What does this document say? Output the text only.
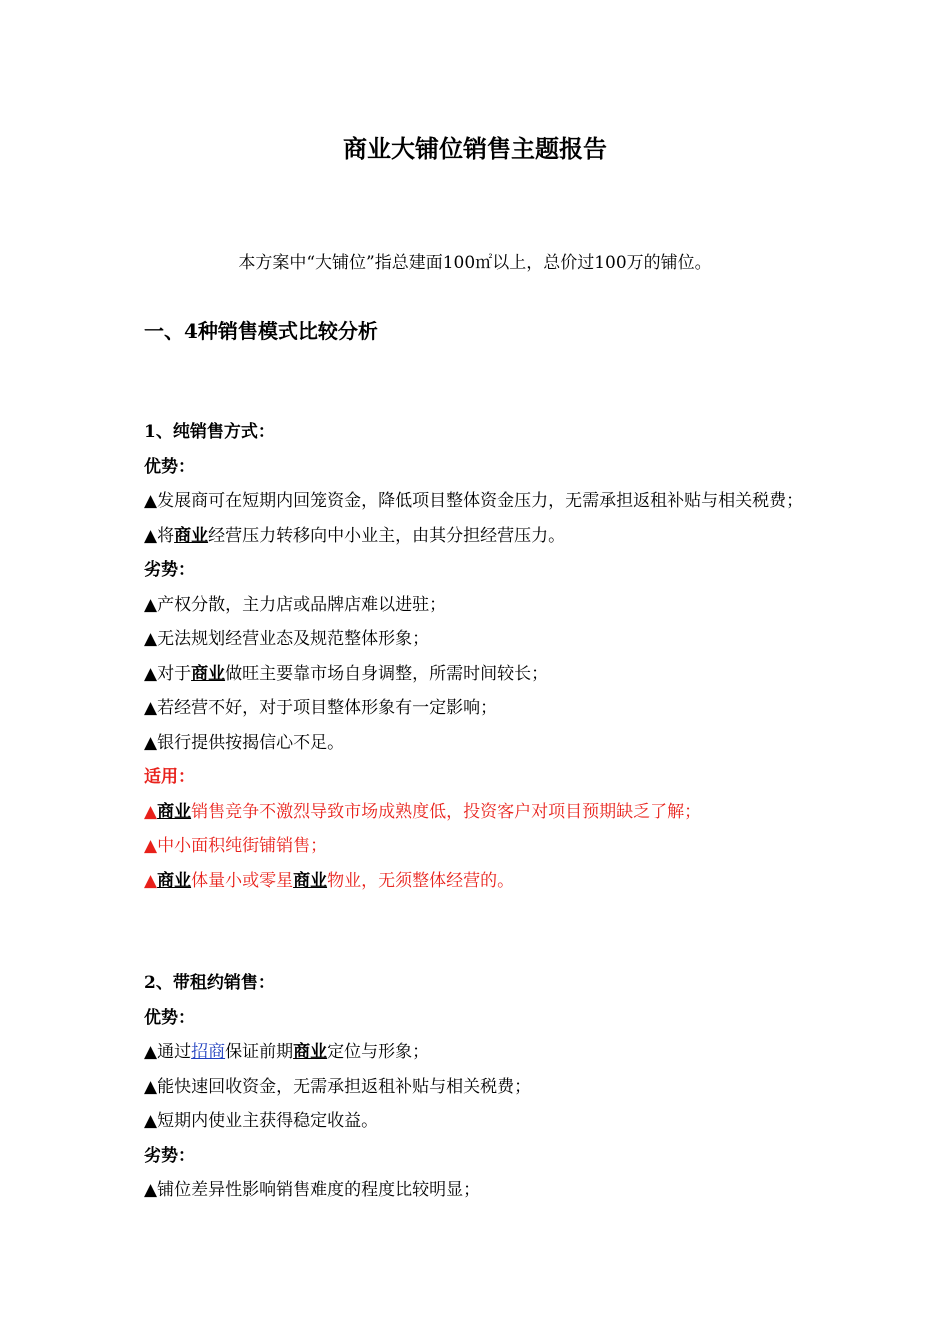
商业大铺位销售主题报告
本方案中“大铺位”指总建面100㎡以上，总价过100万的铺位。
一、4种销售模式比较分析
1、纯销售方式：
优势：
▲发展商可在短期内回笼资金，降低项目整体资金压力，无需承担返租补贴与相关税费；
▲将商业经营压力转移向中小业主，由其分担经营压力。
劣势：
▲产权分散，主力店或品牌店难以进驻；
▲无法规划经营业态及规范整体形象；
▲对于商业做旺主要靠市场自身调整，所需时间较长；
▲若经营不好，对于项目整体形象有一定影响；
▲银行提供按揭信心不足。
适用：
▲商业销售竞争不激烈导致市场成熟度低，投资客户对项目预期缺乏了解；
▲中小面积纯街铺销售；
▲商业体量小或零星商业物业，无须整体经营的。
2、带租约销售：
优势：
▲通过招商保证前期商业定位与形象；
▲能快速回收资金，无需承担返租补贴与相关税费；
▲短期内使业主获得稳定收益。
劣势：
▲铺位差异性影响销售难度的程度比较明显；
